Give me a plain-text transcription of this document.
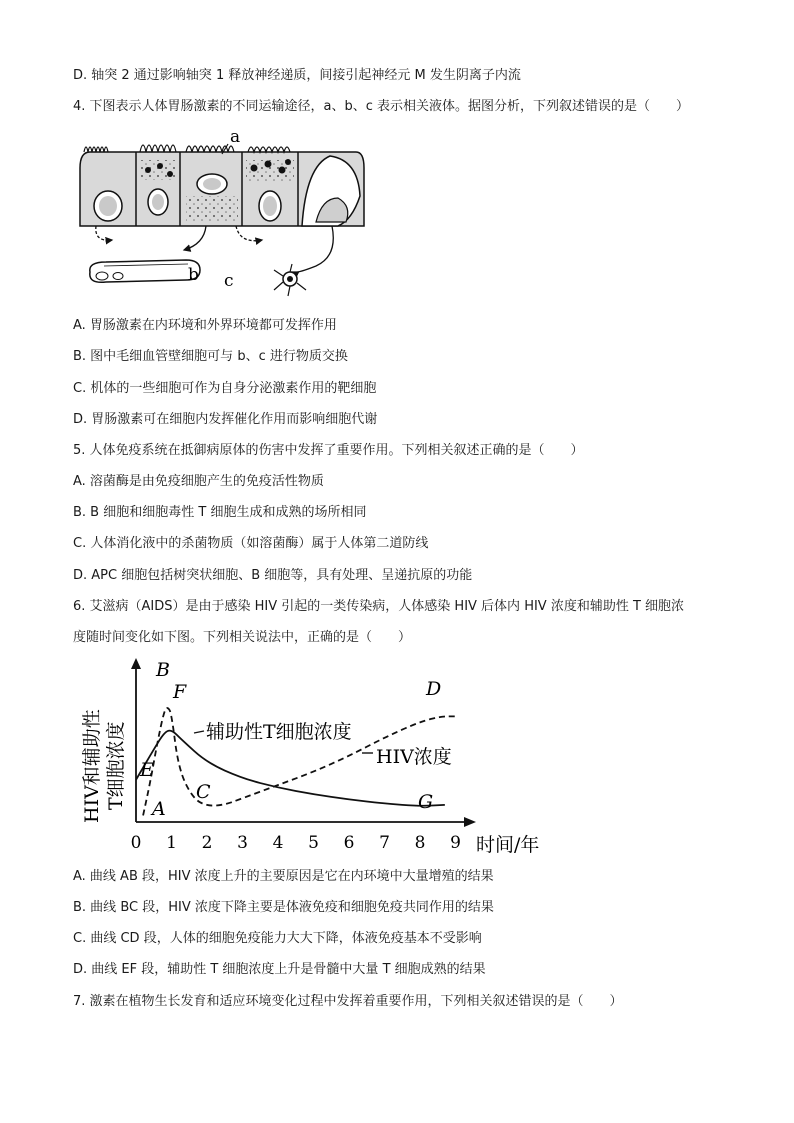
D. 轴突 2 通过影响轴突 1 释放神经递质，间接引起神经元 M 发生阴离子内流
4. 下图表示人体胃肠激素的不同运输途径，a、b、c 表示相关液体。据图分析，下列叙述错误的是（　　）
a
b c
A. 胃肠激素在内环境和外界环境都可发挥作用
B. 图中毛细血管壁细胞可与 b、c 进行物质交换
C. 机体的一些细胞可作为自身分泌激素作用的靶细胞
D. 胃肠激素可在细胞内发挥催化作用而影响细胞代谢
5. 人体免疫系统在抵御病原体的伤害中发挥了重要作用。下列相关叙述正确的是（　　）
A. 溶菌酶是由免疫细胞产生的免疫活性物质
B. B 细胞和细胞毒性 T 细胞生成和成熟的场所相同
C. 人体消化液中的杀菌物质（如溶菌酶）属于人体第二道防线
D. APC 细胞包括树突状细胞、B 细胞等，具有处理、呈递抗原的功能
6. 艾滋病（AIDS）是由于感染 HIV 引起的一类传染病，人体感染 HIV 后体内 HIV 浓度和辅助性 T 细胞浓
度随时间变化如下图。下列相关说法中，正确的是（　　）
HIV和辅助性 T细胞浓度
时间/年
0 1 2 3 4 5 6 7 8 9
辅助性T细胞浓度
HIV浓度
A
B
C
D
E
F
G
A. 曲线 AB 段，HIV 浓度上升的主要原因是它在内环境中大量增殖的结果
B. 曲线 BC 段，HIV 浓度下降主要是体液免疫和细胞免疫共同作用的结果
C. 曲线 CD 段，人体的细胞免疫能力大大下降，体液免疫基本不受影响
D. 曲线 EF 段，辅助性 T 细胞浓度上升是骨髓中大量 T 细胞成熟的结果
7. 激素在植物生长发育和适应环境变化过程中发挥着重要作用，下列相关叙述错误的是（　　）
